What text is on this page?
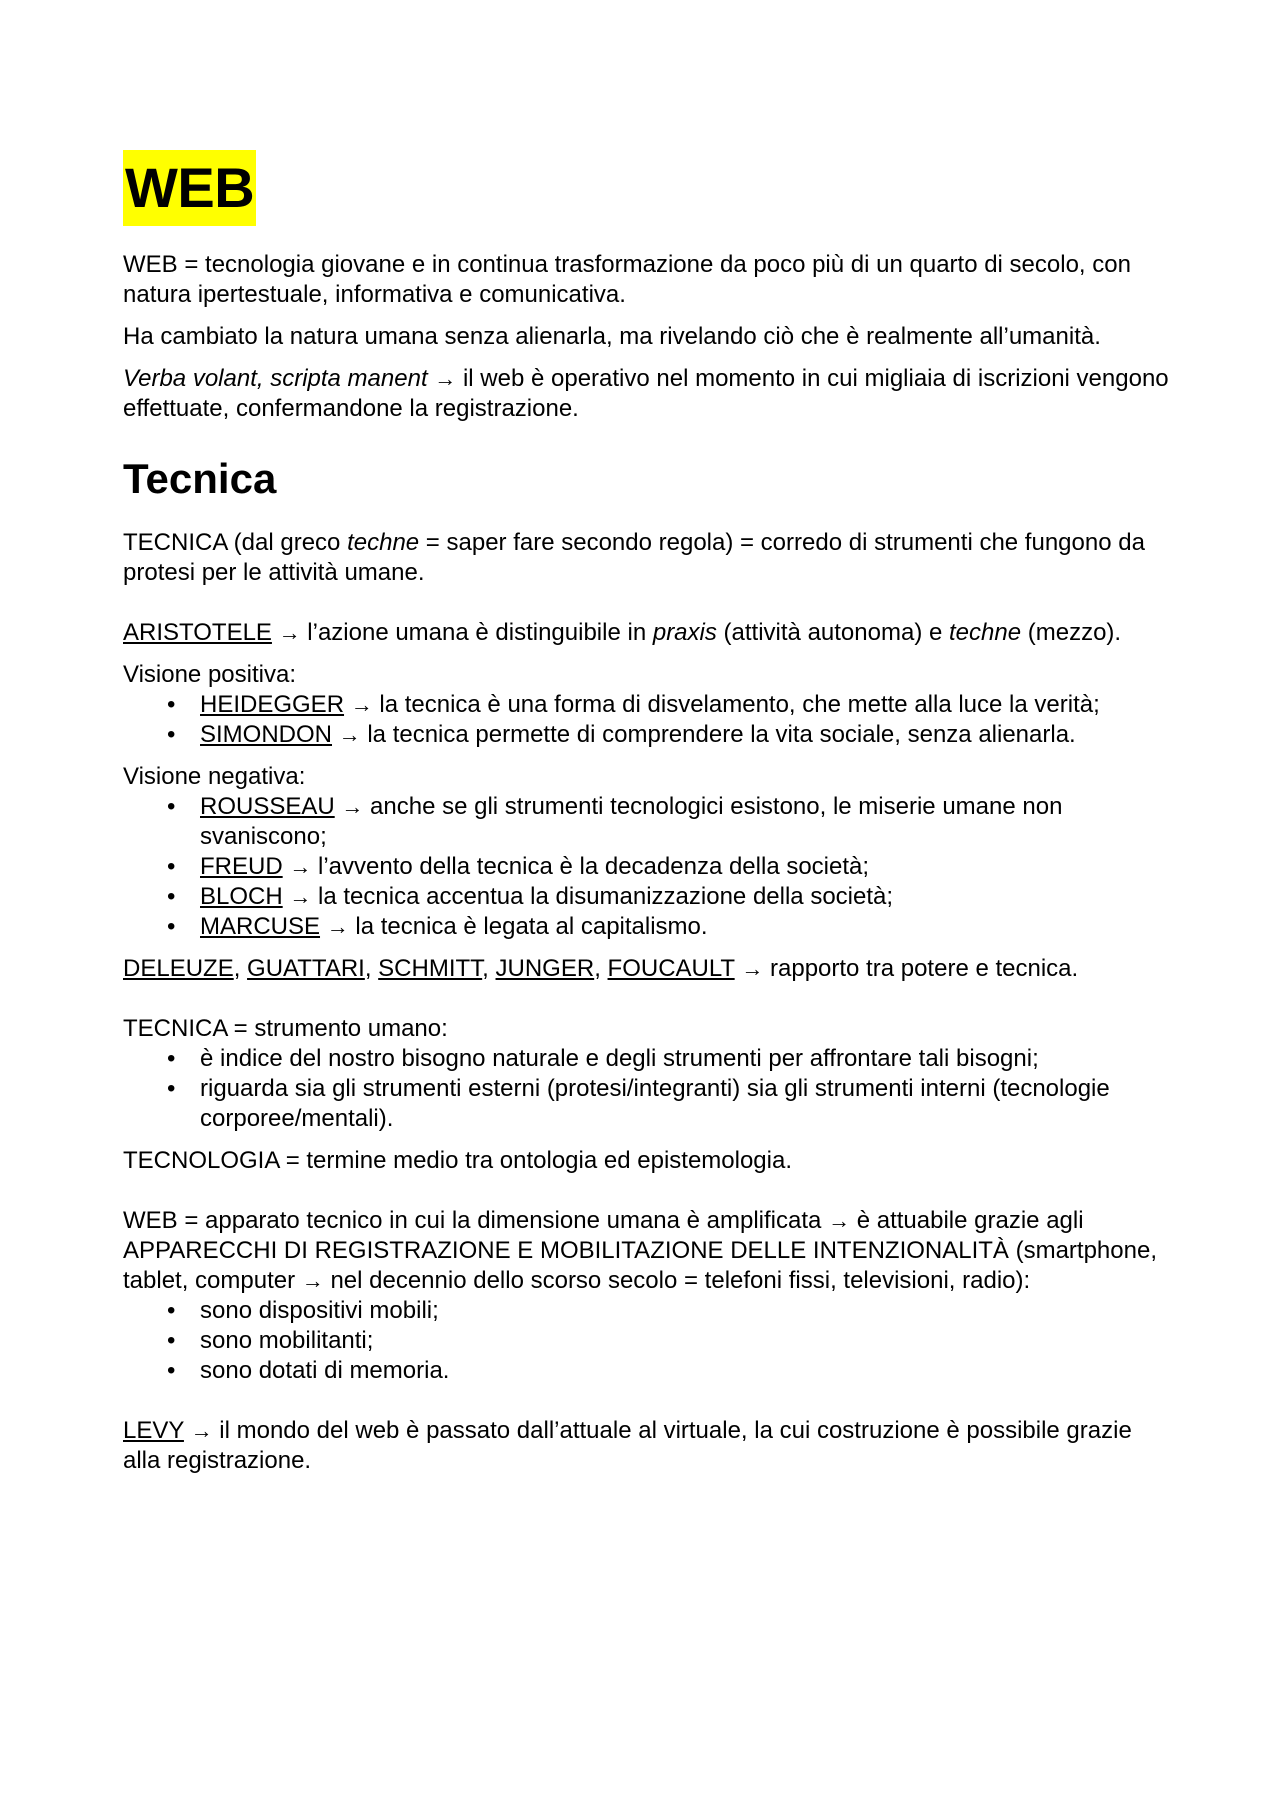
WEB

WEB = tecnologia giovane e in continua trasformazione da poco più di un quarto di secolo, con natura ipertestuale, informativa e comunicativa.

Ha cambiato la natura umana senza alienarla, ma rivelando ciò che è realmente all’umanità.

Verba volant, scripta manent → il web è operativo nel momento in cui migliaia di iscrizioni vengono effettuate, confermandone la registrazione.

Tecnica

TECNICA (dal greco techne = saper fare secondo regola) = corredo di strumenti che fungono da protesi per le attività umane.

ARISTOTELE → l’azione umana è distinguibile in praxis (attività autonoma) e techne (mezzo).

Visione positiva:

• HEIDEGGER → la tecnica è una forma di disvelamento, che mette alla luce la verità;
• SIMONDON → la tecnica permette di comprendere la vita sociale, senza alienarla.

Visione negativa:

• ROUSSEAU → anche se gli strumenti tecnologici esistono, le miserie umane non svaniscono;
• FREUD → l’avvento della tecnica è la decadenza della società;
• BLOCH → la tecnica accentua la disumanizzazione della società;
• MARCUSE → la tecnica è legata al capitalismo.

DELEUZE, GUATTARI, SCHMITT, JUNGER, FOUCAULT → rapporto tra potere e tecnica.

TECNICA = strumento umano:

• è indice del nostro bisogno naturale e degli strumenti per affrontare tali bisogni;
• riguarda sia gli strumenti esterni (protesi/integranti) sia gli strumenti interni (tecnologie corporee/mentali).

TECNOLOGIA = termine medio tra ontologia ed epistemologia.

WEB = apparato tecnico in cui la dimensione umana è amplificata → è attuabile grazie agli APPARECCHI DI REGISTRAZIONE E MOBILITAZIONE DELLE INTENZIONALITÀ (smartphone, tablet, computer → nel decennio dello scorso secolo = telefoni fissi, televisioni, radio):

• sono dispositivi mobili;
• sono mobilitanti;
• sono dotati di memoria.

LEVY → il mondo del web è passato dall’attuale al virtuale, la cui costruzione è possibile grazie alla registrazione.
